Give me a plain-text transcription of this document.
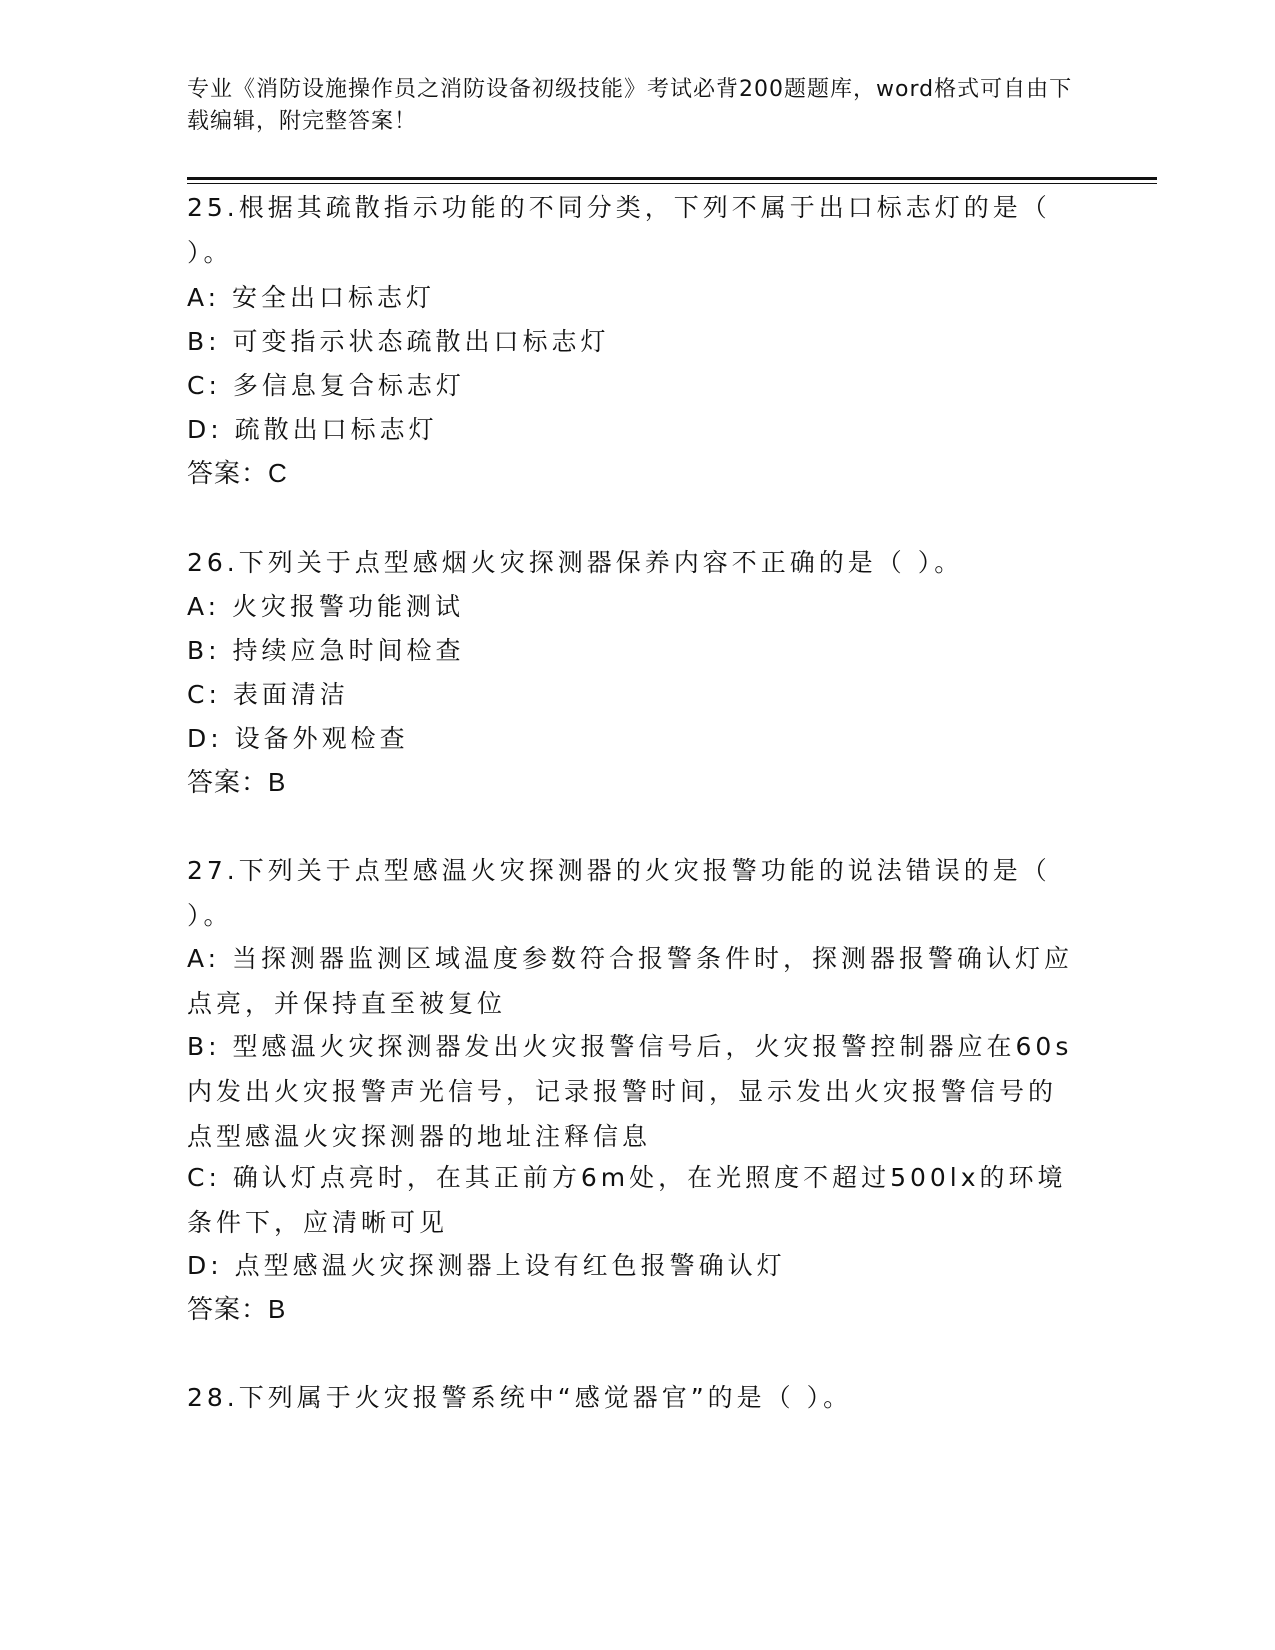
专业《消防设施操作员之消防设备初级技能》考试必背200题题库，word格式可自由下载编辑，附完整答案！
25.根据其疏散指示功能的不同分类，下列不属于出口标志灯的是（ ）。
A: 安全出口标志灯
B: 可变指示状态疏散出口标志灯
C: 多信息复合标志灯
D: 疏散出口标志灯
答案：C
26.下列关于点型感烟火灾探测器保养内容不正确的是（ ）。
A: 火灾报警功能测试
B: 持续应急时间检查
C: 表面清洁
D: 设备外观检查
答案：B
27.下列关于点型感温火灾探测器的火灾报警功能的说法错误的是（ ）。
A: 当探测器监测区域温度参数符合报警条件时，探测器报警确认灯应点亮，并保持直至被复位
B: 型感温火灾探测器发出火灾报警信号后，火灾报警控制器应在60s内发出火灾报警声光信号，记录报警时间，显示发出火灾报警信号的点型感温火灾探测器的地址注释信息
C: 确认灯点亮时，在其正前方6m处，在光照度不超过500lx的环境条件下，应清晰可见
D: 点型感温火灾探测器上设有红色报警确认灯
答案：B
28.下列属于火灾报警系统中“感觉器官”的是（ ）。
